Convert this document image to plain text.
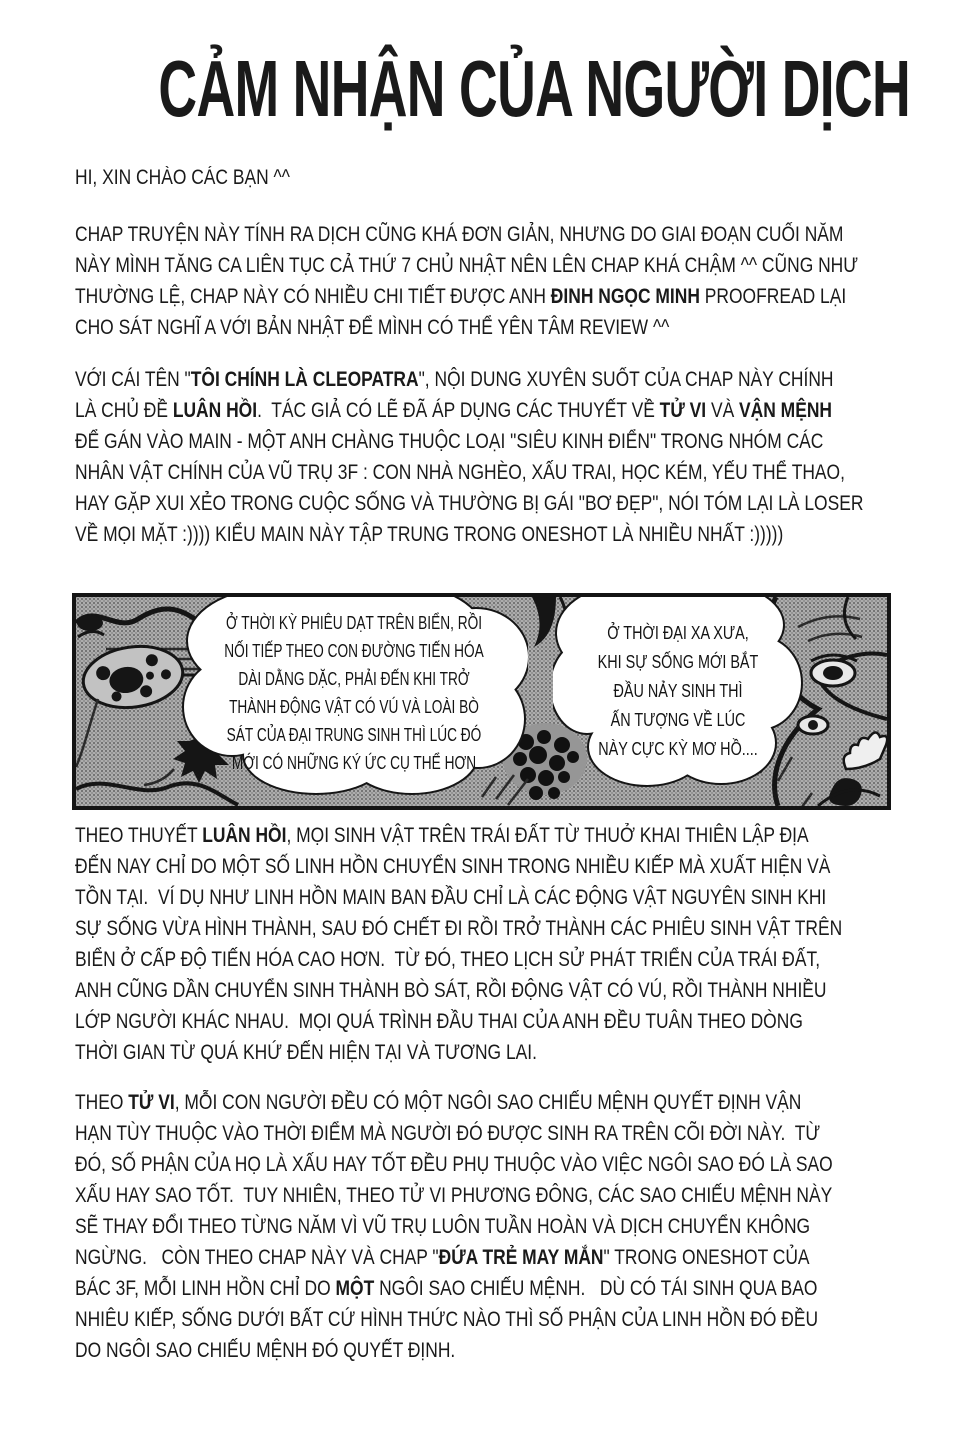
CẢM NHẬN CỦA NGƯỜI DỊCH
HI, XIN CHÀO CÁC BẠN ^^
CHAP TRUYỆN NÀY TÍNH RA DỊCH CŨNG KHÁ ĐƠN GIẢN, NHƯNG DO GIAI ĐOẠN CUỐI NĂM
NÀY MÌNH TĂNG CA LIÊN TỤC CẢ THỨ 7 CHỦ NHẬT NÊN LÊN CHAP KHÁ CHẬM ^^ CŨNG NHƯ
THƯỜNG LỆ, CHAP NÀY CÓ NHIỀU CHI TIẾT ĐƯỢC ANH ĐINH NGỌC MINH PROOFREAD LẠI
CHO SÁT NGHĨ A VỚI BẢN NHẬT ĐỂ MÌNH CÓ THỂ YÊN TÂM REVIEW ^^
VỚI CÁI TÊN "TÔI CHÍNH LÀ CLEOPATRA", NỘI DUNG XUYÊN SUỐT CỦA CHAP NÀY CHÍNH
LÀ CHỦ ĐỀ LUÂN HỒI.  TÁC GIẢ CÓ LẼ ĐÃ ÁP DỤNG CÁC THUYẾT VỀ TỬ VI VÀ VẬN MỆNH
ĐỂ GÁN VÀO MAIN - MỘT ANH CHÀNG THUỘC LOẠI "SIÊU KINH ĐIỂN" TRONG NHÓM CÁC
NHÂN VẬT CHÍNH CỦA VŨ TRỤ 3F : CON NHÀ NGHÈO, XẤU TRAI, HỌC KÉM, YẾU THỂ THAO,
HAY GẶP XUI XẺO TRONG CUỘC SỐNG VÀ THƯỜNG BỊ GÁI "BƠ ĐẸP", NÓI TÓM LẠI LÀ LOSER
VỀ MỌI MẶT :)))) KIỂU MAIN NÀY TẬP TRUNG TRONG ONESHOT LÀ NHIỀU NHẤT :)))))
Ở THỜI KỲ PHIÊU DẠT TRÊN BIỂN, RỒI
NỐI TIẾP THEO CON ĐƯỜNG TIẾN HÓA
DÀI DẰNG DẶC, PHẢI ĐẾN KHI TRỞ
THÀNH ĐỘNG VẬT CÓ VÚ VÀ LOÀI BÒ
SÁT CỦA ĐẠI TRUNG SINH THÌ LÚC ĐÓ
MỚI CÓ NHỮNG KÝ ỨC CỤ THỂ HƠN
Ở THỜI ĐẠI XA XƯA,
KHI SỰ SỐNG MỚI BẮT
ĐẦU NẢY SINH THÌ
ẤN TƯỢNG VỀ LÚC
NÀY CỰC KỲ MƠ HỒ....
THEO THUYẾT LUÂN HỒI, MỌI SINH VẬT TRÊN TRÁI ĐẤT TỪ THUỞ KHAI THIÊN LẬP ĐỊA
ĐẾN NAY CHỈ DO MỘT SỐ LINH HỒN CHUYỂN SINH TRONG NHIỀU KIẾP MÀ XUẤT HIỆN VÀ
TỒN TẠI.  VÍ DỤ NHƯ LINH HỒN MAIN BAN ĐẦU CHỈ LÀ CÁC ĐỘNG VẬT NGUYÊN SINH KHI
SỰ SỐNG VỪA HÌNH THÀNH, SAU ĐÓ CHẾT ĐI RỒI TRỞ THÀNH CÁC PHIÊU SINH VẬT TRÊN
BIỂN Ở CẤP ĐỘ TIẾN HÓA CAO HƠN.  TỪ ĐÓ, THEO LỊCH SỬ PHÁT TRIỂN CỦA TRÁI ĐẤT,
ANH CŨNG DẦN CHUYỂN SINH THÀNH BÒ SÁT, RỒI ĐỘNG VẬT CÓ VÚ, RỒI THÀNH NHIỀU
LỚP NGƯỜI KHÁC NHAU.  MỌI QUÁ TRÌNH ĐẦU THAI CỦA ANH ĐỀU TUÂN THEO DÒNG
THỜI GIAN TỪ QUÁ KHỨ ĐẾN HIỆN TẠI VÀ TƯƠNG LAI.
THEO TỬ VI, MỖI CON NGƯỜI ĐỀU CÓ MỘT NGÔI SAO CHIẾU MỆNH QUYẾT ĐỊNH VẬN
HẠN TÙY THUỘC VÀO THỜI ĐIỂM MÀ NGƯỜI ĐÓ ĐƯỢC SINH RA TRÊN CÕI ĐỜI NÀY.  TỪ
ĐÓ, SỐ PHẬN CỦA HỌ LÀ XẤU HAY TỐT ĐỀU PHỤ THUỘC VÀO VIỆC NGÔI SAO ĐÓ LÀ SAO
XẤU HAY SAO TỐT.  TUY NHIÊN, THEO TỬ VI PHƯƠNG ĐÔNG, CÁC SAO CHIẾU MỆNH NÀY
SẼ THAY ĐỔI THEO TỪNG NĂM VÌ VŨ TRỤ LUÔN TUẦN HOÀN VÀ DỊCH CHUYỂN KHÔNG
NGỪNG.   CÒN THEO CHAP NÀY VÀ CHAP "ĐỨA TRẺ MAY MẮN" TRONG ONESHOT CỦA
BÁC 3F, MỖI LINH HỒN CHỈ DO MỘT NGÔI SAO CHIẾU MỆNH.   DÙ CÓ TÁI SINH QUA BAO
NHIÊU KIẾP, SỐNG DƯỚI BẤT CỨ HÌNH THỨC NÀO THÌ SỐ PHẬN CỦA LINH HỒN ĐÓ ĐỀU
DO NGÔI SAO CHIẾU MỆNH ĐÓ QUYẾT ĐỊNH.
